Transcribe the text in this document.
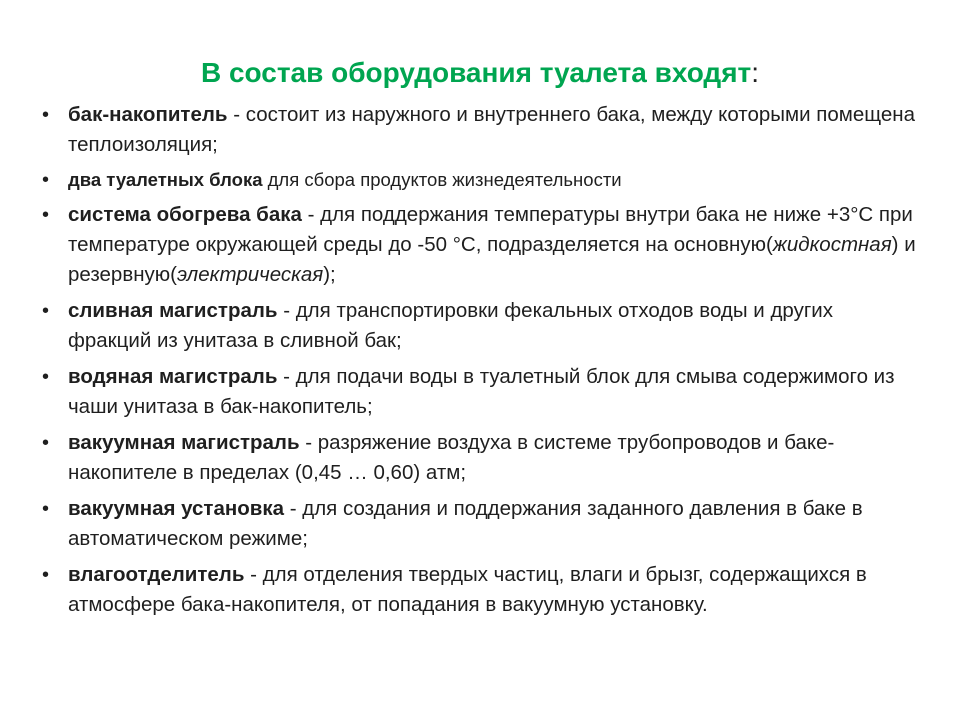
В состав оборудования туалета входят:
• бак-накопитель - состоит из наружного и внутреннего бака, между которыми помещена теплоизоляция;
• два туалетных блока для сбора продуктов жизнедеятельности
• система обогрева бака - для поддержания температуры внутри бака не ниже +3°С при температуре окружающей среды до -50 °С, подразделяется на основную(жидкостная) и резервную(электрическая);
• сливная магистраль - для транспортировки фекальных отходов воды и других фракций из унитаза в сливной бак;
• водяная магистраль - для подачи воды в туалетный блок для смыва содержимого из чаши унитаза в бак-накопитель;
• вакуумная магистраль - разряжение воздуха в системе трубопроводов и баке-накопителе в пределах (0,45 … 0,60) атм;
• вакуумная установка - для создания и поддержания заданного давления в баке в автоматическом режиме;
• влагоотделитель - для отделения твердых частиц, влаги и брызг, содержащихся в атмосфере бака-накопителя, от попадания в вакуумную установку.
